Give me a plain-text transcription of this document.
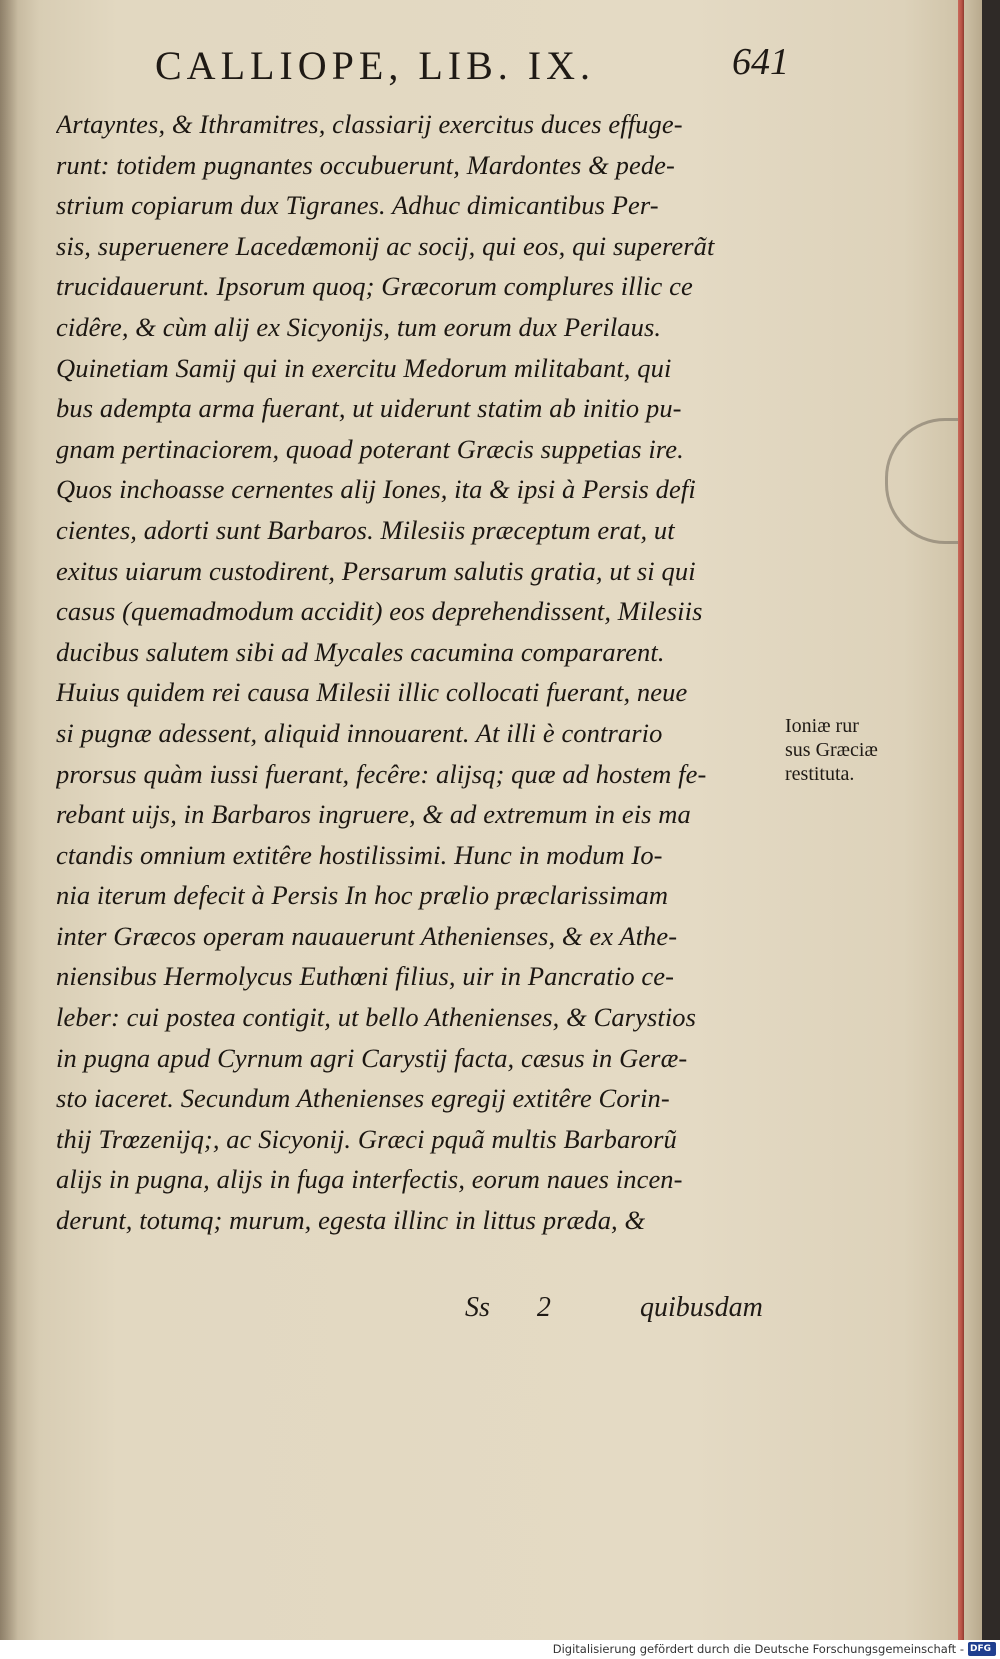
CALLIOPE, LIB. IX.	641
Artayntes, & Ithramitres, classiarij exercitus duces effuge-
runt: totidem pugnantes occubuerunt, Mardontes & pede-
strium copiarum dux Tigranes. Adhuc dimicantibus Per-
sis, superuenere Lacedæmonij ac socij, qui eos, qui supererãt
trucidauerunt. Ipsorum quoq; Græcorum complures illic ce
cidêre, & cùm alij ex Sicyonijs, tum eorum dux Perilaus.
Quinetiam Samij qui in exercitu Medorum militabant, qui
bus adempta arma fuerant, ut uiderunt statim ab initio pu-
gnam pertinaciorem, quoad poterant Græcis suppetias ire.
Quos inchoasse cernentes alij Iones, ita & ipsi à Persis defi
cientes, adorti sunt Barbaros. Milesiis præceptum erat, ut
exitus uiarum custodirent, Persarum salutis gratia, ut si qui
casus (quemadmodum accidit) eos deprehendissent, Milesiis
ducibus salutem sibi ad Mycales cacumina compararent.
Huius quidem rei causa Milesii illic collocati fuerant, neue
si pugnæ adessent, aliquid innouarent. At illi è contrario
prorsus quàm iussi fuerant, fecêre: alijsq; quæ ad hostem fe-
rebant uijs, in Barbaros ingruere, & ad extremum in eis ma
ctandis omnium extitêre hostilissimi. Hunc in modum Io-
nia iterum defecit à Persis In hoc prælio præclarissimam
inter Græcos operam nauauerunt Athenienses, & ex Athe-
niensibus Hermolycus Euthœni filius, uir in Pancratio ce-
leber: cui postea contigit, ut bello Athenienses, & Carystios
in pugna apud Cyrnum agri Carystij facta, cæsus in Geræ-
sto iaceret. Secundum Athenienses egregij extitêre Corin-
thij Trœzenijq;, ac Sicyonij. Græci pquã multis Barbarorũ
alijs in pugna, alijs in fuga interfectis, eorum naues incen-
derunt, totumq; murum, egesta illinc in littus præda, &
Ioniæ rur
sus Græciæ
restituta.
Ss 2	quibusdam
Digitalisierung gefördert durch die Deutsche Forschungsgemeinschaft - DFG
